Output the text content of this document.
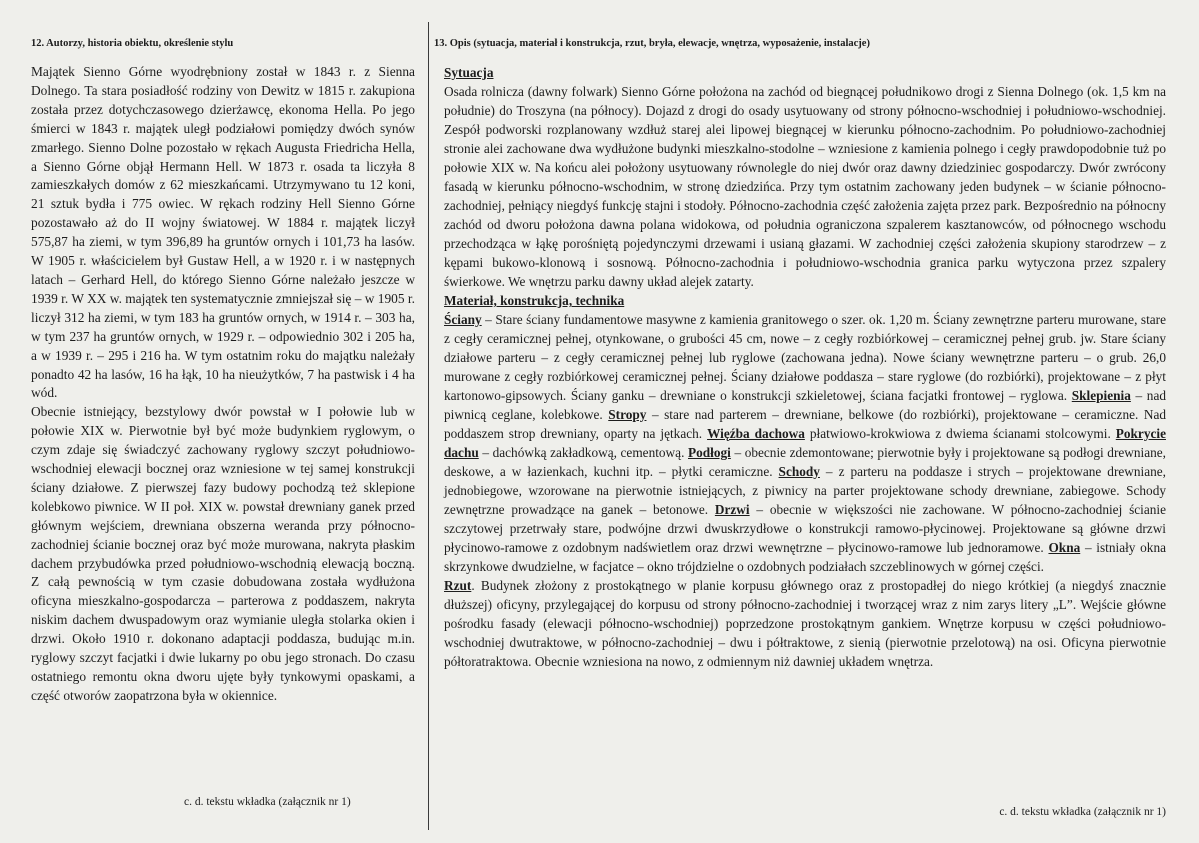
12. Autorzy, historia obiektu, określenie stylu

Majątek Sienno Górne wyodrębniony został w 1843 r. z Sienna Dolnego. Ta stara posiadłość rodziny von Dewitz w 1815 r. zakupiona została przez dotychczasowego dzierżawcę, ekonoma Hella. Po jego śmierci w 1843 r. majątek uległ podziałowi pomiędzy dwóch synów zmarłego. Sienno Dolne pozostało w rękach Augusta Friedricha Hella, a Sienno Górne objął Hermann Hell. W 1873 r. osada ta liczyła 8 zamieszkałych domów z 62 mieszkańcami. Utrzymywano tu 12 koni, 21 sztuk bydła i 775 owiec. W rękach rodziny Hell Sienno Górne pozostawało aż do II wojny światowej. W 1884 r. majątek liczył 575,87 ha ziemi, w tym 396,89 ha gruntów ornych i 101,73 ha lasów. W 1905 r. właścicielem był Gustaw Hell, a w 1920 r. i w następnych latach – Gerhard Hell, do którego Sienno Górne należało jeszcze w 1939 r. W XX w. majątek ten systematycznie zmniejszał się – w 1905 r. liczył 312 ha ziemi, w tym 183 ha gruntów ornych, w 1914 r. – 303 ha, w tym 237 ha gruntów ornych, w 1929 r. – odpowiednio 302 i 205 ha, a w 1939 r. – 295 i 216 ha. W tym ostatnim roku do majątku należały ponadto 42 ha lasów, 16 ha łąk, 10 ha nieużytków, 7 ha pastwisk i 4 ha wód.

Obecnie istniejący, bezstylowy dwór powstał w I połowie lub w połowie XIX w. Pierwotnie był być może budynkiem ryglowym, o czym zdaje się świadczyć zachowany ryglowy szczyt południowo-wschodniej elewacji bocznej oraz wzniesione w tej samej konstrukcji ściany działowe. Z pierwszej fazy budowy pochodzą też sklepione kolebkowo piwnice. W II poł. XIX w. powstał drewniany ganek przed głównym wejściem, drewniana obszerna weranda przy północno-zachodniej ścianie bocznej oraz być może murowana, nakryta płaskim dachem przybudówka przed południowo-wschodnią elewacją boczną. Z całą pewnością w tym czasie dobudowana została wydłużona oficyna mieszkalno-gospodarcza – parterowa z poddaszem, nakryta niskim dachem dwuspadowym oraz wymianie uległa stolarka okien i drzwi. Około 1910 r. dokonano adaptacji poddasza, budując m.in. ryglowy szczyt facjatki i dwie lukarny po obu jego stronach. Do czasu ostatniego remontu okna dworu ujęte były tynkowymi opaskami, a część otworów zaopatrzona była w okiennice.

c. d. tekstu wkładka (załącznik nr 1)
13. Opis (sytuacja, materiał i konstrukcja, rzut, bryła, elewacje, wnętrza, wyposażenie, instalacje)

Sytuacja
Osada rolnicza (dawny folwark) Sienno Górne położona na zachód od biegnącej południkowo drogi z Sienna Dolnego (ok. 1,5 km na południe) do Troszyna (na północy). Dojazd z drogi do osady usytuowany od strony północno-wschodniej i południowo-wschodniej. Zespół podworski rozplanowany wzdłuż starej alei lipowej biegnącej w kierunku północno-zachodnim. Po południowo-zachodniej stronie alei zachowane dwa wydłużone budynki mieszkalno-stodolne – wzniesione z kamienia polnego i cegły prawdopodobnie tuż po połowie XIX w. Na końcu alei położony usytuowany równolegle do niej dwór oraz dawny dziedziniec gospodarczy. Dwór zwrócony fasadą w kierunku północno-wschodnim, w stronę dziedzińca. Przy tym ostatnim zachowany jeden budynek – w ścianie północno-zachodniej, pełniący niegdyś funkcję stajni i stodoły. Północno-zachodnia część założenia zajęta przez park. Bezpośrednio na północny zachód od dworu położona dawna polana widokowa, od południa ograniczona szpalerem kasztanowców, od północnego wschodu przechodząca w łąkę porośniętą pojedynczymi drzewami i usianą głazami. W zachodniej części założenia skupiony starodrzew – z kępami bukowo-klonową i sosnową. Północno-zachodnia i południowo-wschodnia granica parku wytyczona przez szpalery świerkowe. We wnętrzu parku dawny układ alejek zatarty.

Materiał, konstrukcja, technika
Ściany – Stare ściany fundamentowe masywne z kamienia granitowego o szer. ok. 1,20 m. Ściany zewnętrzne parteru murowane, stare z cegły ceramicznej pełnej, otynkowane, o grubości 45 cm, nowe – z cegły rozbiórkowej – ceramicznej pełnej grub. jw. Stare ściany działowe parteru – z cegły ceramicznej pełnej lub ryglowe (zachowana jedna). Nowe ściany wewnętrzne parteru – o grub. 26,0 murowane z cegły rozbiórkowej ceramicznej pełnej. Ściany działowe poddasza – stare ryglowe (do rozbiórki), projektowane – z płyt kartonowo-gipsowych. Ściany ganku – drewniane o konstrukcji szkieletowej, ściana facjatki frontowej – ryglowa. Sklepienia – nad piwnicą ceglane, kolebkowe. Stropy – stare nad parterem – drewniane, belkowe (do rozbiórki), projektowane – ceramiczne. Nad poddaszem strop drewniany, oparty na jętkach. Więźba dachowa płatwiowo-krokwiowa z dwiema ścianami stolcowymi. Pokrycie dachu – dachówką zakładkową, cementową. Podłogi – obecnie zdemontowane; pierwotnie były i projektowane są podłogi drewniane, deskowe, a w łazienkach, kuchni itp. – płytki ceramiczne. Schody – z parteru na poddasze i strych – projektowane drewniane, jednobiegowe, wzorowane na pierwotnie istniejących, z piwnicy na parter projektowane schody drewniane, zabiegowe. Schody zewnętrzne prowadzące na ganek – betonowe. Drzwi – obecnie w większości nie zachowane. W północno-zachodniej ścianie szczytowej przetrwały stare, podwójne drzwi dwuskrzydłowe o konstrukcji ramowo-płycinowej. Projektowane są główne drzwi płycinowo-ramowe z ozdobnym nadświetlem oraz drzwi wewnętrzne – płycinowo-ramowe lub jednoramowe. Okna – istniały okna skrzynkowe dwudzielne, w facjatce – okno trójdzielne o ozdobnych podziałach szczeblinowych w górnej części.

Rzut. Budynek złożony z prostokątnego w planie korpusu głównego oraz z prostopadłej do niego krótkiej (a niegdyś znacznie dłuższej) oficyny, przylegającej do korpusu od strony północno-zachodniej i tworzącej wraz z nim zarys litery „L”. Wejście główne pośrodku fasady (elewacji północno-wschodniej) poprzedzone prostokątnym gankiem. Wnętrze korpusu w części południowo-wschodniej dwutraktowe, w północno-zachodniej – dwu i półtraktowe, z sienią (pierwotnie przelotową) na osi. Oficyna pierwotnie półtoratraktowa. Obecnie wzniesiona na nowo, z odmiennym niż dawniej układem wnętrza.

c. d. tekstu wkładka (załącznik nr 1)
